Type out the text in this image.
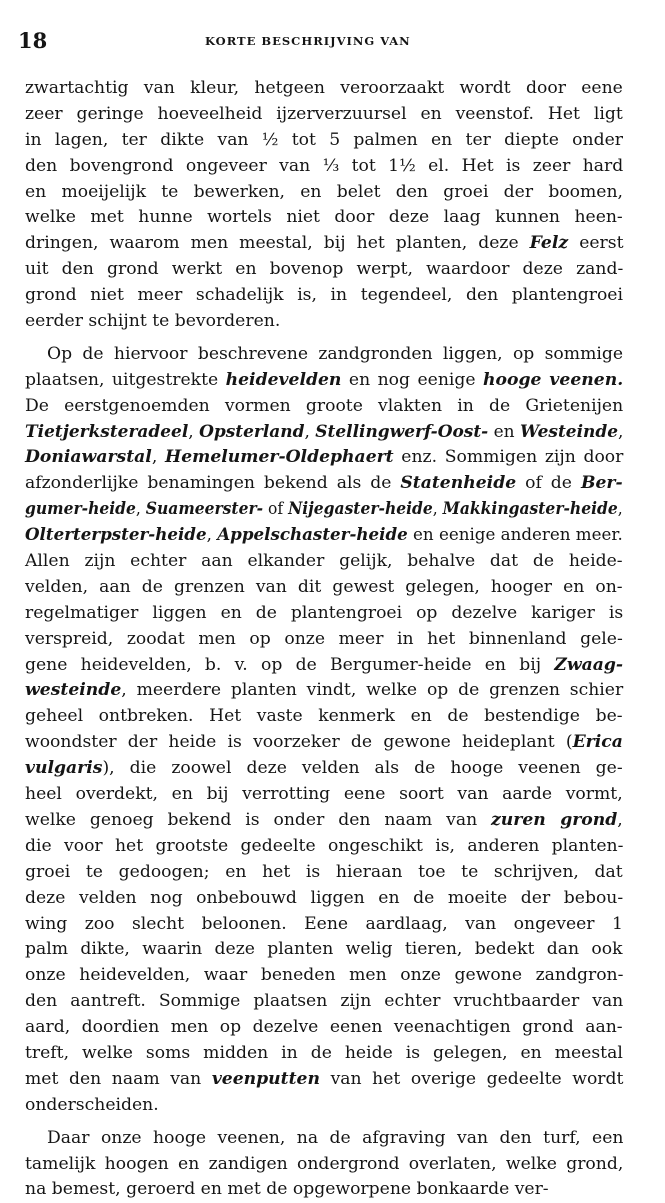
18	KORTE BESCHRIJVING VAN
zwartachtig van kleur, hetgeen veroorzaakt wordt door eene
zeer geringe hoeveelheid ijzerverzuursel en veenstof. Het ligt
in lagen, ter dikte van ½ tot 5 palmen en ter diepte onder
den bovengrond ongeveer van ⅓ tot 1½ el. Het is zeer hard
en moeijelijk te bewerken, en belet den groei der boomen,
welke met hunne wortels niet door deze laag kunnen heen-
dringen, waarom men meestal, bij het planten, deze Felz eerst
uit den grond werkt en bovenop werpt, waardoor deze zand-
grond niet meer schadelijk is, in tegendeel, den plantengroei
eerder schijnt te bevorderen.
Op de hiervoor beschrevene zandgronden liggen, op sommige
plaatsen, uitgestrekte heidevelden en nog eenige hooge veenen.
De eerstgenoemden vormen groote vlakten in de Grietenijen
Tietjerksteradeel, Opsterland, Stellingwerf-Oost- en Westeinde,
Doniawarstal, Hemelumer-Oldephaert enz. Sommigen zijn door
afzonderlijke benamingen bekend als de Statenheide of de Ber-
gumer-heide, Suameerster- of Nijegaster-heide, Makkingaster-heide,
Olterterpster-heide, Appelschaster-heide en eenige anderen meer.
Allen zijn echter aan elkander gelijk, behalve dat de heide-
velden, aan de grenzen van dit gewest gelegen, hooger en on-
regelmatiger liggen en de plantengroei op dezelve kariger is
verspreid, zoodat men op onze meer in het binnenland gele-
gene heidevelden, b. v. op de Bergumer-heide en bij Zwaag-
westeinde, meerdere planten vindt, welke op de grenzen schier
geheel ontbreken. Het vaste kenmerk en de bestendige be-
woondster der heide is voorzeker de gewone heideplant (Erica
vulgaris), die zoowel deze velden als de hooge veenen ge-
heel overdekt, en bij verrotting eene soort van aarde vormt,
welke genoeg bekend is onder den naam van zuren grond,
die voor het grootste gedeelte ongeschikt is, anderen planten-
groei te gedoogen; en het is hieraan toe te schrijven, dat
deze velden nog onbebouwd liggen en de moeite der bebou-
wing zoo slecht beloonen. Eene aardlaag, van ongeveer 1
palm dikte, waarin deze planten welig tieren, bedekt dan ook
onze heidevelden, waar beneden men onze gewone zandgron-
den aantreft. Sommige plaatsen zijn echter vruchtbaarder van
aard, doordien men op dezelve eenen veenachtigen grond aan-
treft, welke soms midden in de heide is gelegen, en meestal
met den naam van veenputten van het overige gedeelte wordt
onderscheiden.
Daar onze hooge veenen, na de afgraving van den turf, een
tamelijk hoogen en zandigen ondergrond overlaten, welke grond,
na bemest, geroerd en met de opgeworpene bonkaarde ver-
